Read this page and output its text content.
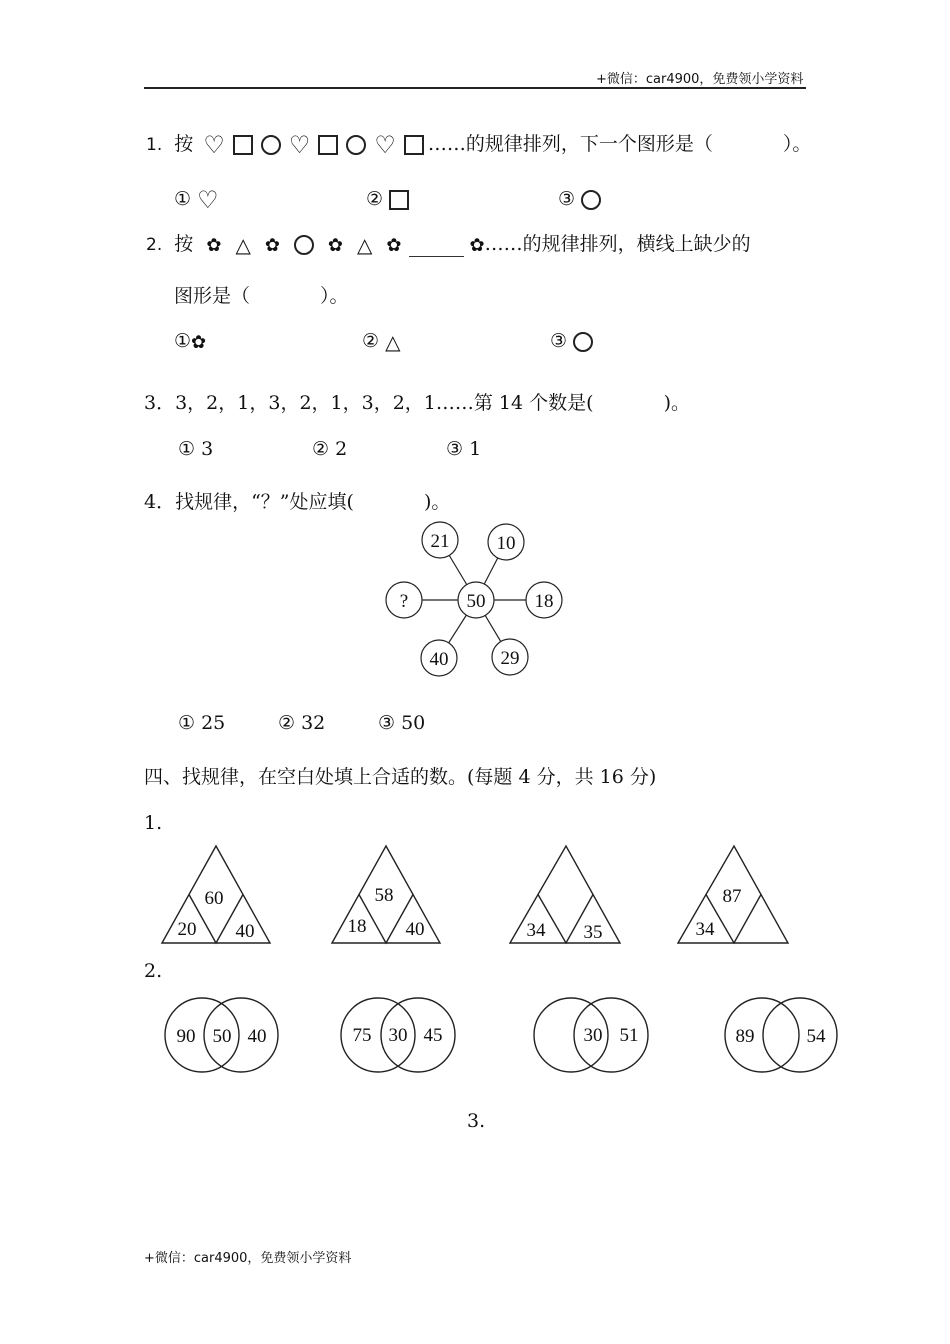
+微信：car4900，免费领小学资料
1. 按 ♡	♡	♡ ……的规律排列，下一个图形是（	）。
① ♡	②	③
2. 按 ✿ △ ✿	✿ △ ✿	✿……的规律排列，横线上缺少的
图形是（	）。
①✿	② △	③
3．3，2，1，3，2，1，3，2，1……第 14 个数是(	)。
① 3	② 2	③ 1
4．找规律，“？”处应填(	)。
50
21 10
18
29
40
?
① 25	② 32	③ 50
四、找规律，在空白处填上合适的数。(每题 4 分，共 16 分)
1.
60
20 40
58
18 40	34 35
87
34
2.
90 50 40	75 30 45	30 51	89	54
3.
+微信：car4900，免费领小学资料
